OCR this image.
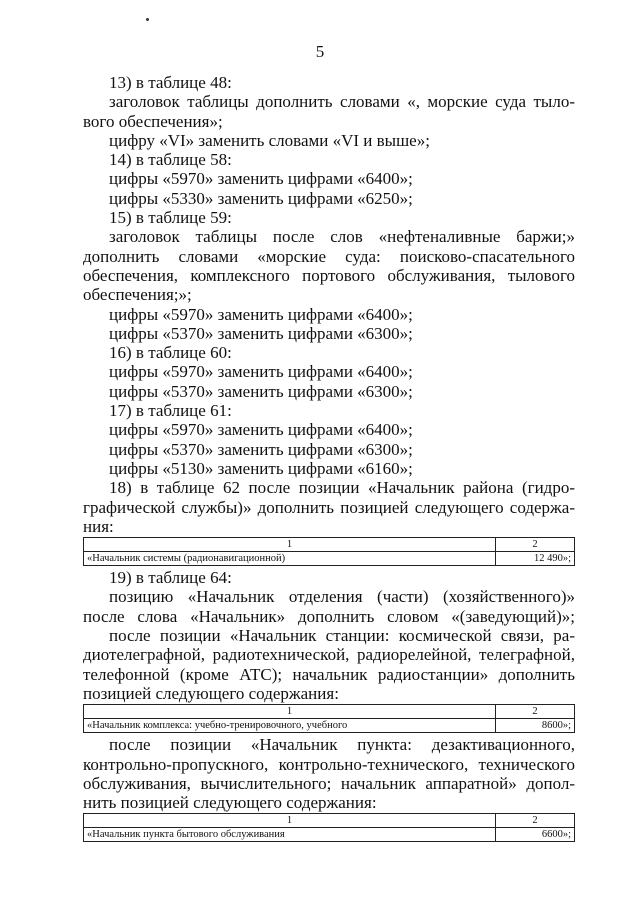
5

13) в таблице 48:

заголовок таблицы дополнить словами «, морские суда тыло-

вого обеспечения»;

цифру «VI» заменить словами «VI и выше»;

14) в таблице 58:

цифры «5970» заменить цифрами «6400»;

цифры «5330» заменить цифрами «6250»;

15) в таблице 59:

заголовок таблицы после слов «нефтеналивные баржи;»

дополнить словами «морские суда: поисково-спасательного

обеспечения, комплексного портового обслуживания, тылового

обеспечения;»;

цифры «5970» заменить цифрами «6400»;

цифры «5370» заменить цифрами «6300»;

16) в таблице 60:

цифры «5970» заменить цифрами «6400»;

цифры «5370» заменить цифрами «6300»;

17) в таблице 61:

цифры «5970» заменить цифрами «6400»;

цифры «5370» заменить цифрами «6300»;

цифры «5130» заменить цифрами «6160»;

18) в таблице 62 после позиции «Начальник района (гидро-

графической службы)» дополнить позицией следующего содержа-

ния:

1	2
«Начальник системы (радионавигационной)	12 490»;

19) в таблице 64:

позицию «Начальник отделения (части) (хозяйственного)»

после слова «Начальник» дополнить словом «(заведующий)»;

после позиции «Начальник станции: космической связи, ра-

диотелеграфной, радиотехнической, радиорелейной, телеграфной,

телефонной (кроме АТС); начальник радиостанции» дополнить

позицией следующего содержания:

1	2
«Начальник комплекса: учебно-тренировочного, учебного	8600»;

после позиции «Начальник пункта: дезактивационного,

контрольно-пропускного, контрольно-технического, технического

обслуживания, вычислительного; начальник аппаратной» допол-

нить позицией следующего содержания:

1	2
«Начальник пункта бытового обслуживания	6600»;
